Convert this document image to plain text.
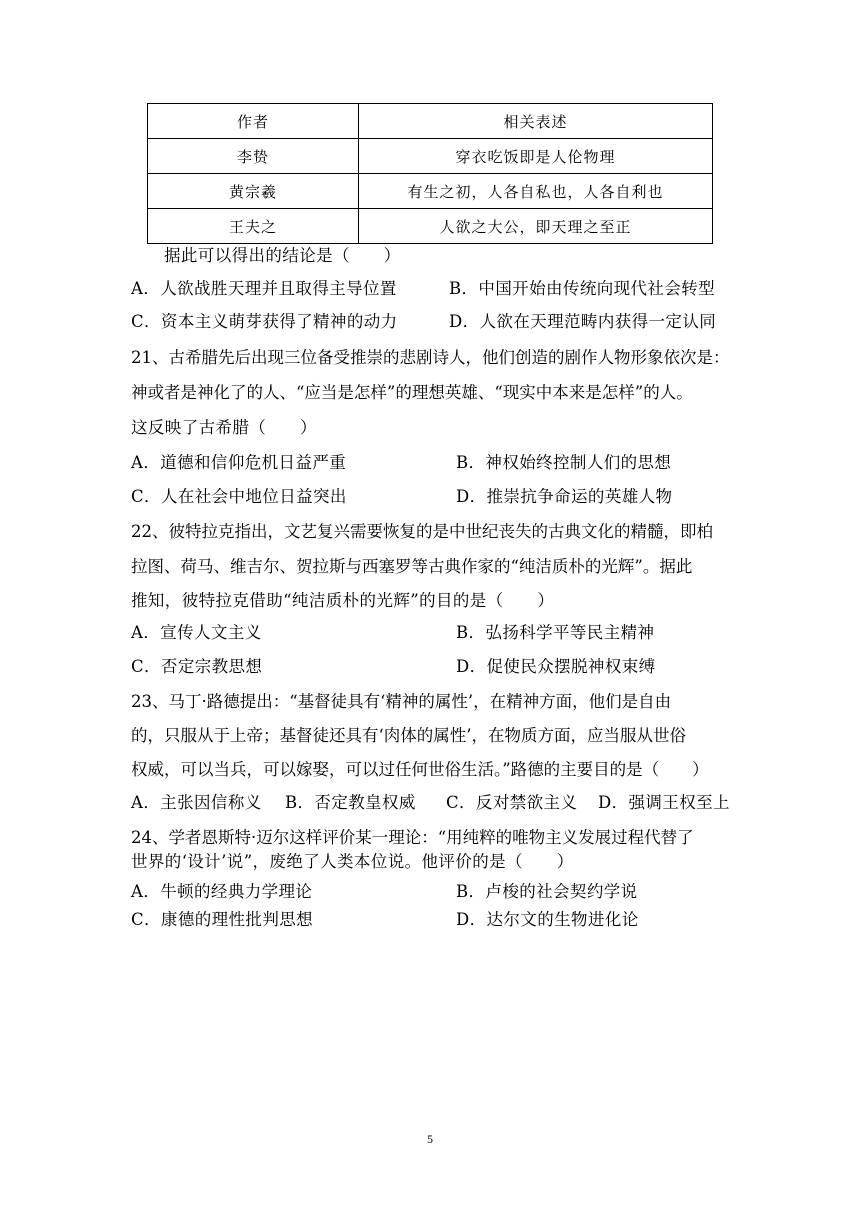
作者	相关表述
李贽	穿衣吃饭即是人伦物理
黄宗羲	有生之初，人各自私也，人各自利也
王夫之	人欲之大公，即天理之至正
据此可以得出的结论是（　　）

A．人欲战胜天理并且取得主导位置

	B．中国开始由传统向现代社会转型

C．资本主义萌芽获得了精神的动力

	D．人欲在天理范畴内获得一定认同

21、古希腊先后出现三位备受推崇的悲剧诗人，他们创造的剧作人物形象依次是：
神或者是神化了的人、“应当是怎样”的理想英雄、“现实中本来是怎样”的人。
这反映了古希腊（　　）

A．道德和信仰危机日益严重

	B．神权始终控制人们的思想

C．人在社会中地位日益突出

	D．推崇抗争命运的英雄人物

22、彼特拉克指出，文艺复兴需要恢复的是中世纪丧失的古典文化的精髓，即柏
拉图、荷马、维吉尔、贺拉斯与西塞罗等古典作家的“纯洁质朴的光辉”。据此
推知，彼特拉克借助“纯洁质朴的光辉”的目的是（　　）

A．宣传人文主义

	B．弘扬科学平等民主精神

C．否定宗教思想

	D．促使民众摆脱神权束缚

23、马丁·路德提出：“基督徒具有‘精神的属性’，在精神方面，他们是自由
的，只服从于上帝；基督徒还具有‘肉体的属性’，在物质方面，应当服从世俗
权威，可以当兵，可以嫁娶，可以过任何世俗生活。”路德的主要目的是（　　）

A．主张因信称义

B．否定教皇权威

C．反对禁欲主义

D．强调王权至上

24、学者恩斯特·迈尔这样评价某一理论：“用纯粹的唯物主义发展过程代替了
世界的‘设计’说”，废绝了人类本位说。他评价的是（　　）

A．牛顿的经典力学理论

	B．卢梭的社会契约学说

C．康德的理性批判思想

	D．达尔文的生物进化论

5
